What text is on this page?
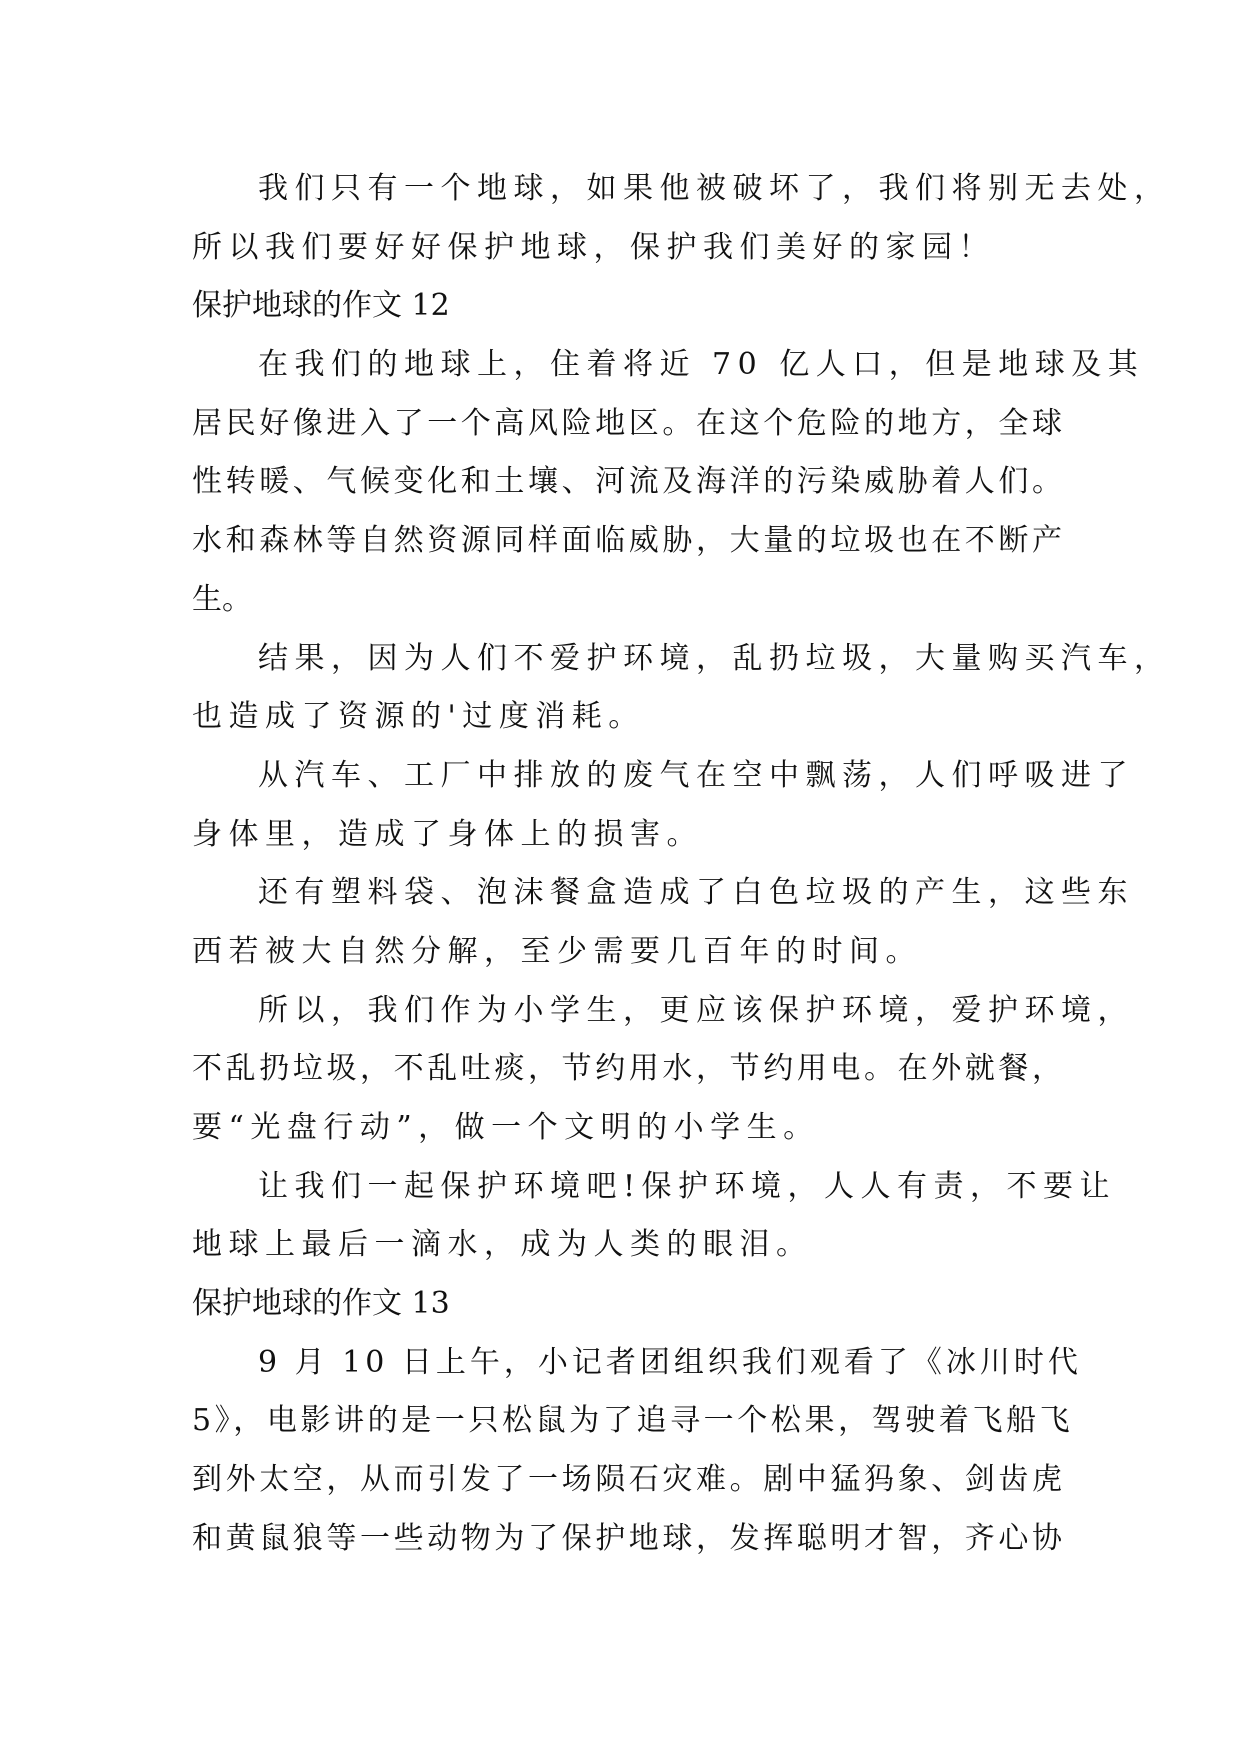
我们只有一个地球，如果他被破坏了，我们将别无去处，
所以我们要好好保护地球，保护我们美好的家园！
保护地球的作文 12
在我们的地球上，住着将近 70 亿人口，但是地球及其
居民好像进入了一个高风险地区。在这个危险的地方，全球
性转暖、气候变化和土壤、河流及海洋的污染威胁着人们。
水和森林等自然资源同样面临威胁，大量的垃圾也在不断产
生。
结果，因为人们不爱护环境，乱扔垃圾，大量购买汽车，
也造成了资源的'过度消耗。
从汽车、工厂中排放的废气在空中飘荡，人们呼吸进了
身体里，造成了身体上的损害。
还有塑料袋、泡沫餐盒造成了白色垃圾的产生，这些东
西若被大自然分解，至少需要几百年的时间。
所以，我们作为小学生，更应该保护环境，爱护环境，
不乱扔垃圾，不乱吐痰，节约用水，节约用电。在外就餐，
要“光盘行动”，做一个文明的小学生。
让我们一起保护环境吧!保护环境，人人有责，不要让
地球上最后一滴水，成为人类的眼泪。
保护地球的作文 13
9 月 10 日上午，小记者团组织我们观看了《冰川时代
5》，电影讲的是一只松鼠为了追寻一个松果，驾驶着飞船飞
到外太空，从而引发了一场陨石灾难。剧中猛犸象、剑齿虎
和黄鼠狼等一些动物为了保护地球，发挥聪明才智，齐心协
